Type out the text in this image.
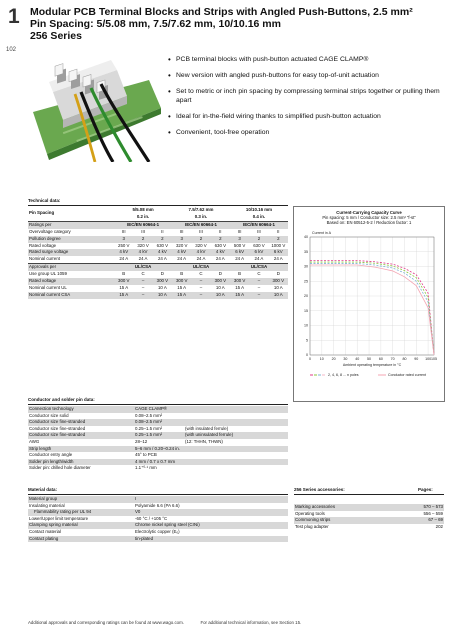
1
102
Modular PCB Terminal Blocks and Strips with Angled Push-Buttons, 2.5 mm²
Pin Spacing: 5/5.08 mm, 7.5/7.62 mm, 10/10.16 mm
256 Series
• PCB terminal blocks with push-button actuated CAGE CLAMP®
• New version with angled push-buttons for easy top-of-unit actuation
• Set to metric or inch pin spacing by compressing terminal strips together or pulling them apart
• Ideal for in-the-field wiring thanks to simplified push-button actuation
• Convenient, tool-free operation
Technical data:
Pin Spacing	5/5.08 mm			7.5/7.62 mm			10/10.16 mm		
	0.2 in.			0.3 in.			0.4 in.		
Ratings per	IEC/EN 60664-1			IEC/EN 60664-1			IEC/EN 60664-1		
Overvoltage category	III	III	II	III	III	II	III	III	II
Pollution degree	3	2	2	3	2	2	3	2	2
Rated voltage	250 V	320 V	630 V	320 V	320 V	630 V	500 V	630 V	1000 V
Rated surge voltage	4 kV	4 kV	4 kV	4 kV	4 kV	4 kV	6 kV	6 kV	6 kV
Nominal current	24 A	24 A	24 A	24 A	24 A	24 A	24 A	24 A	24 A
Approvals per	UL/CSA			UL/CSA			UL/CSA		
Use group UL 1059	B	C	D	B	C	D	B	C	D
Rated voltage	300 V	–	300 V	300 V	–	300 V	300 V	–	300 V
Nominal current UL	15 A	–	10 A	15 A	–	10 A	15 A	–	10 A
Nominal current CSA	15 A	–	10 A	15 A	–	10 A	15 A	–	10 A
Current-Carrying Capacity Curve
Pin spacing: 5 mm / Conductor size: 2.5 mm² “f-st”
Based on: EN 60512-5-2 / Reduction factor: 1
0
5
10
15
20
25
30
35
40
0 10 20 30 40 50 60 70 80 90 100 105
Current in A
Ambient operating temperature in °C
2, 4, 6, 8 ... n poles	Conductor rated current
Conductor and solder pin data:
Connection technology	CAGE CLAMP®	
Conductor size solid	0.08–2.5 mm²	
Conductor size fine-stranded	0.08–2.5 mm²	
Conductor size fine-stranded	0.25–1.5 mm²	(with insulated ferrule)
Conductor size fine-stranded	0.25–1.5 mm²	(with uninsulated ferrule)
AWG	28–12	(12: THHN, THWN)
Strip length	5–6 mm / 0.20–0.24 in.	
Conductor entry angle	45° to PCB	
Solder pin length/width	4 mm / 0.7 x 0.7 mm	
Solder pin: drilled hole diameter	1.1⁺⁰·¹ mm	
Material data:
Material group	I
Insulating material	Polyamide 6.6 (PA 6.6)
Flammability rating per UL 94	V0
Lower/Upper limit temperature	-60 °C / +105 °C
Clamping spring material	Chrome nickel spring steel (CrNi)
Contact material	Electrolytic copper (Eₒ)
Contact plating	tin-plated
256 Series accessories:	Pages:
Marking accessories	570 – 573
Operating tools	556 – 559
Commoning strips	67 – 69
Test plug adapter	202
Additional approvals and corresponding ratings can be found at www.wago.com.	For additional technical information, see Section 15.
